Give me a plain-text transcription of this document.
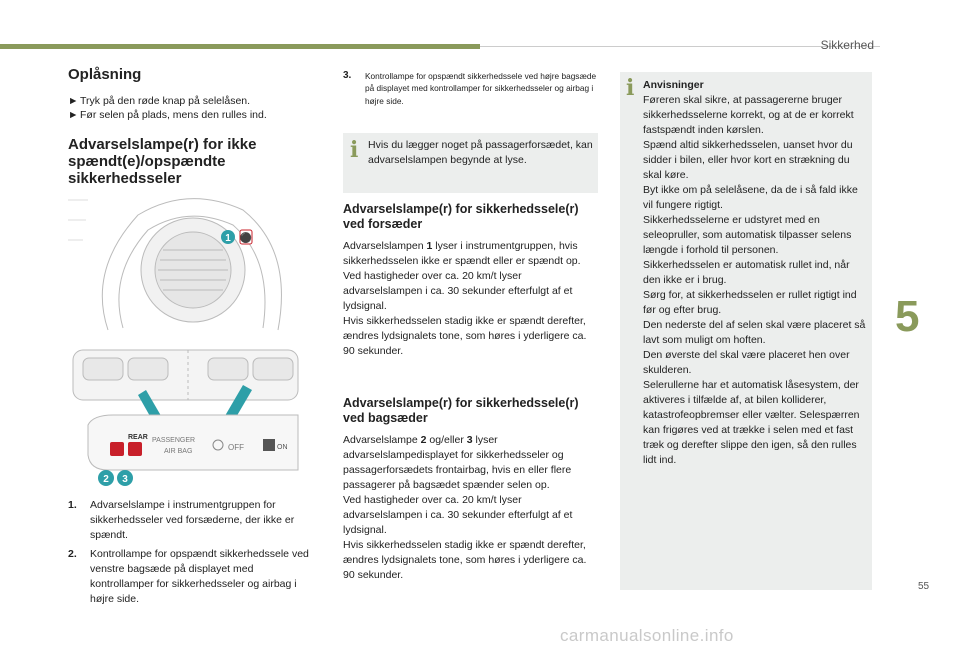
Sikkerhed
5
55
carmanualsonline.info
Oplåsning
► Tryk på den røde knap på selelåsen.
► Før selen på plads, mens den rulles ind.
Advarselslampe(r) for ikke spændt(e)/opspændte sikkerhedsseler
1 ⚫
REAR PASSENGER
AIR BAG	OFF	ON
2 3
1. Advarselslampe i instrumentgruppen for sikkerhedsseler ved forsæderne, der ikke er spændt.
2. Kontrollampe for opspændt sikkerhedssele ved venstre bagsæde på displayet med kontrollamper for sikkerhedsseler og airbag i højre side.
3.	Kontrollampe for opspændt sikkerhedssele ved højre bagsæde på displayet med kontrollamper for sikkerhedsseler og airbag i højre side.
i Hvis du lægger noget på passagerforsædet, kan advarselslampen begynde at lyse.

Advarselslampe(r) for sikkerhedssele(r) ved forsæder

Advarselslampen 1 lyser i instrumentgruppen, hvis sikkerhedsselen ikke er spændt eller er spændt op.

Ved hastigheder over ca. 20 km/t lyser advarselslampen i ca. 30 sekunder efterfulgt af et lydsignal.

Hvis sikkerhedsselen stadig ikke er spændt derefter, ændres lydsignalets tone, som høres i yderligere ca. 90 sekunder.

Advarselslampe(r) for sikkerhedssele(r) ved bagsæder

Advarselslampe 2 og/eller 3 lyser advarselslampedisplayet for sikkerhedsseler og passagerforsædets frontairbag, hvis en eller flere passagerer på bagsædet spænder selen op.

Ved hastigheder over ca. 20 km/t lyser advarselslampen i ca. 30 sekunder efterfulgt af et lydsignal.

Hvis sikkerhedsselen stadig ikke er spændt derefter, ændres lydsignalets tone, som høres i yderligere ca. 90 sekunder.

i Anvisninger
Føreren skal sikre, at passagererne bruger sikkerhedsselerne korrekt, og at de er korrekt fastspændt inden kørslen.
Spænd altid sikkerhedsselen, uanset hvor du sidder i bilen, eller hvor kort en strækning du skal køre.
Byt ikke om på selelåsene, da de i så fald ikke vil fungere rigtigt.
Sikkerhedsselerne er udstyret med en seleopruller, som automatisk tilpasser selens længde i forhold til personen.
Sikkerhedsselen er automatisk rullet ind, når den ikke er i brug.
Sørg for, at sikkerhedsselen er rullet rigtigt ind før og efter brug.
Den nederste del af selen skal være placeret så lavt som muligt om hoften.
Den øverste del skal være placeret hen over skulderen.
Selerullerne har et automatisk låsesystem, der aktiveres i tilfælde af, at bilen kolliderer, katastrofeopbremser eller vælter. Selespærren kan frigøres ved at trække i selen med et fast træk og derefter slippe den igen, så den rulles lidt ind.
